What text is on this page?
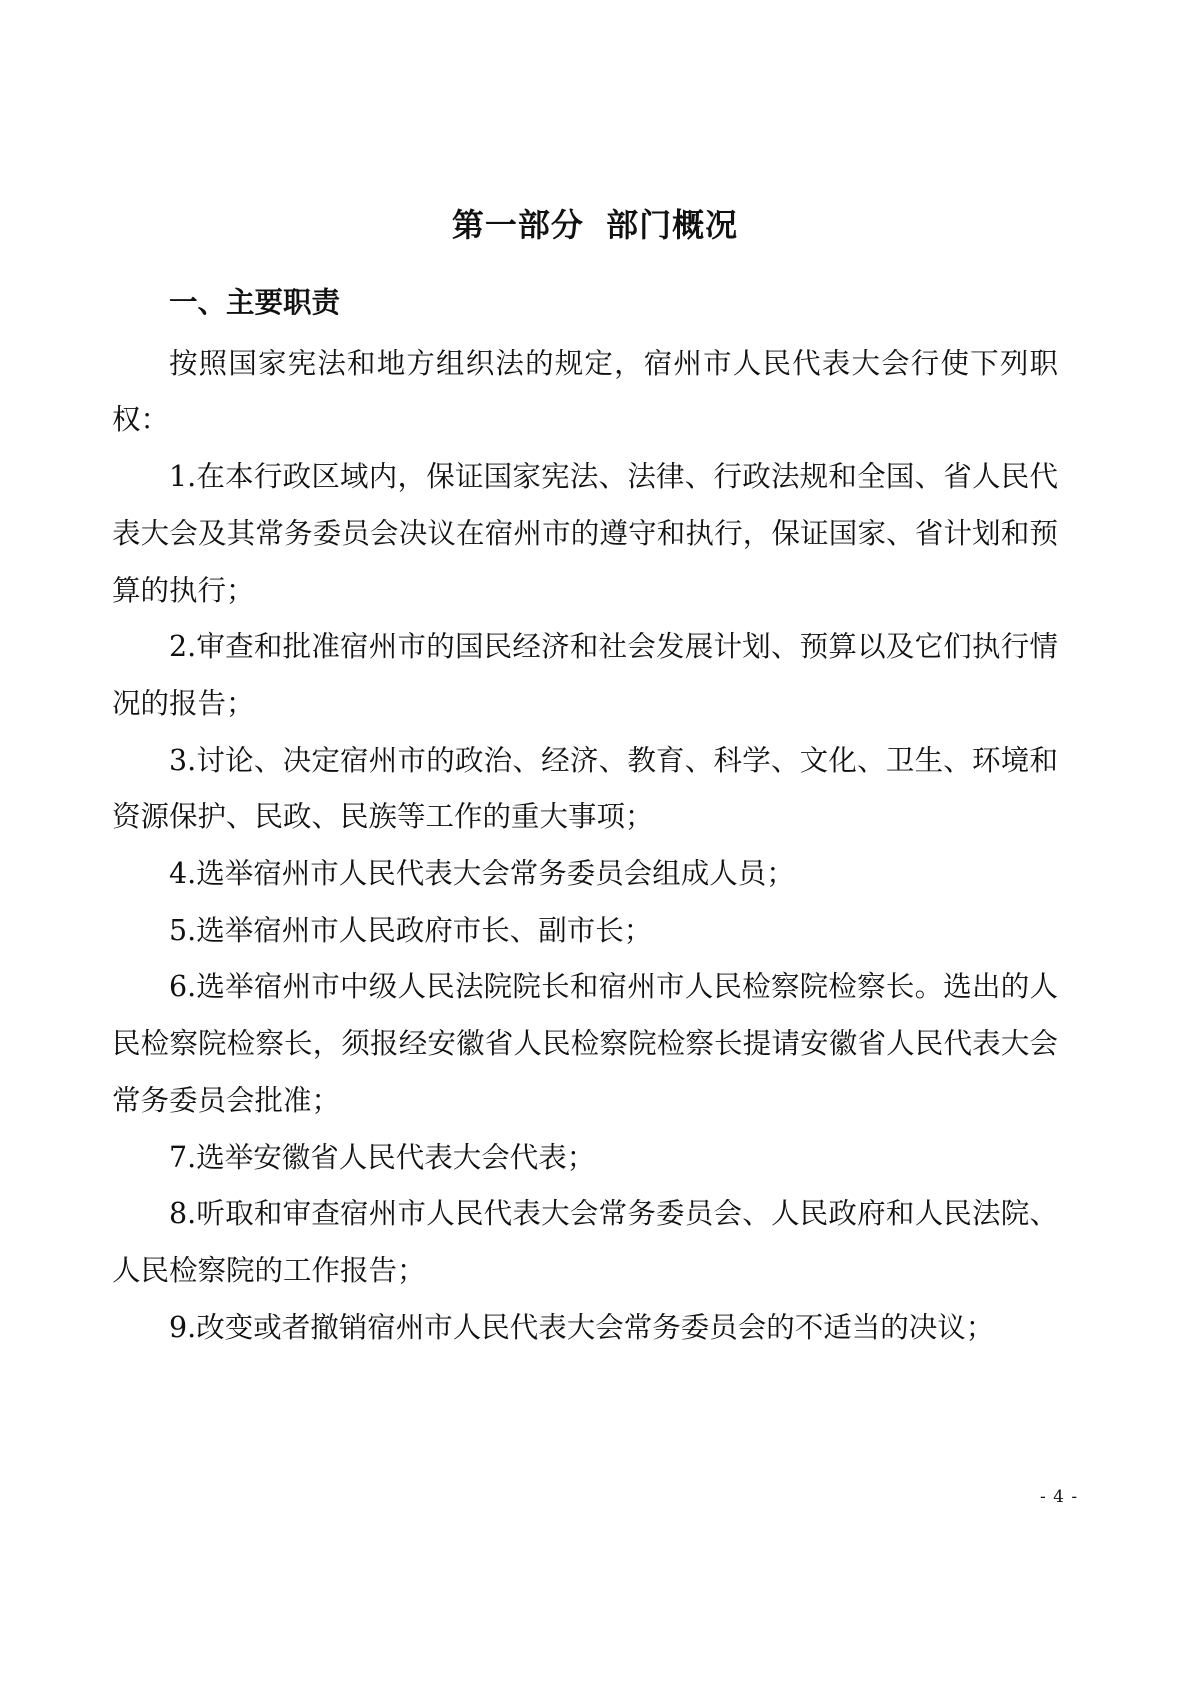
第一部分 部门概况
一、主要职责

按照国家宪法和地方组织法的规定，宿州市人民代表大会行使下列职权：

1.在本行政区域内，保证国家宪法、法律、行政法规和全国、省人民代表大会及其常务委员会决议在宿州市的遵守和执行，保证国家、省计划和预算的执行；

2.审查和批准宿州市的国民经济和社会发展计划、预算以及它们执行情况的报告；

3.讨论、决定宿州市的政治、经济、教育、科学、文化、卫生、环境和资源保护、民政、民族等工作的重大事项；

4.选举宿州市人民代表大会常务委员会组成人员；

5.选举宿州市人民政府市长、副市长；

6.选举宿州市中级人民法院院长和宿州市人民检察院检察长。选出的人民检察院检察长，须报经安徽省人民检察院检察长提请安徽省人民代表大会常务委员会批准；

7.选举安徽省人民代表大会代表；

8.听取和审查宿州市人民代表大会常务委员会、人民政府和人民法院、人民检察院的工作报告；

9.改变或者撤销宿州市人民代表大会常务委员会的不适当的决议；

- 4 -
